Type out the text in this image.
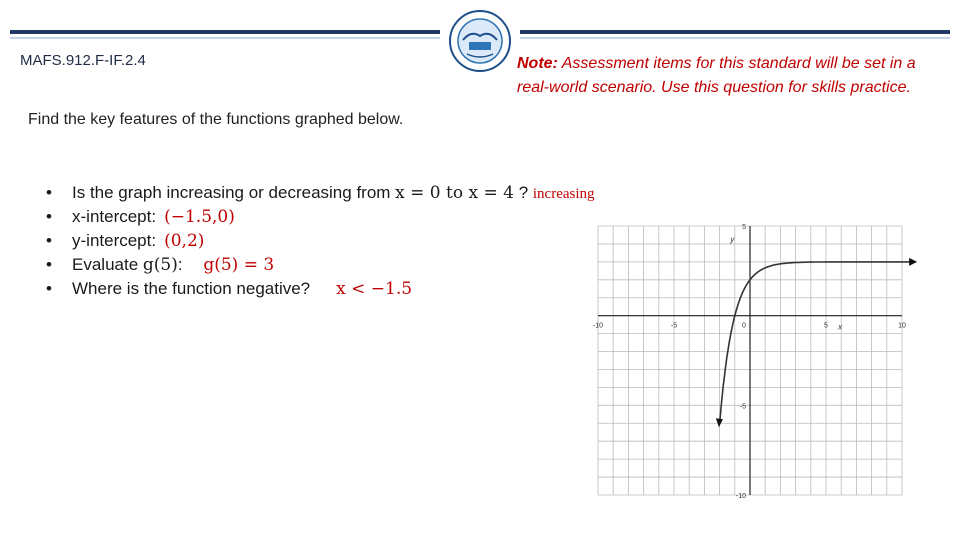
MAFS.912.F-IF.2.4
Find the key features of the functions graphed below.
Note: Assessment items for this standard will be set in a real-world scenario. Use this question for skills practice.
• Is the graph increasing or decreasing from x = 0 to x = 4 ? increasing
• x-intercept: (−1.5,0)
• y-intercept: (0,2)
• Evaluate g(5): g(5) = 3
• Where is the function negative? x < −1.5
-10	-5	0	5	10
5
-5
-10
x
y
